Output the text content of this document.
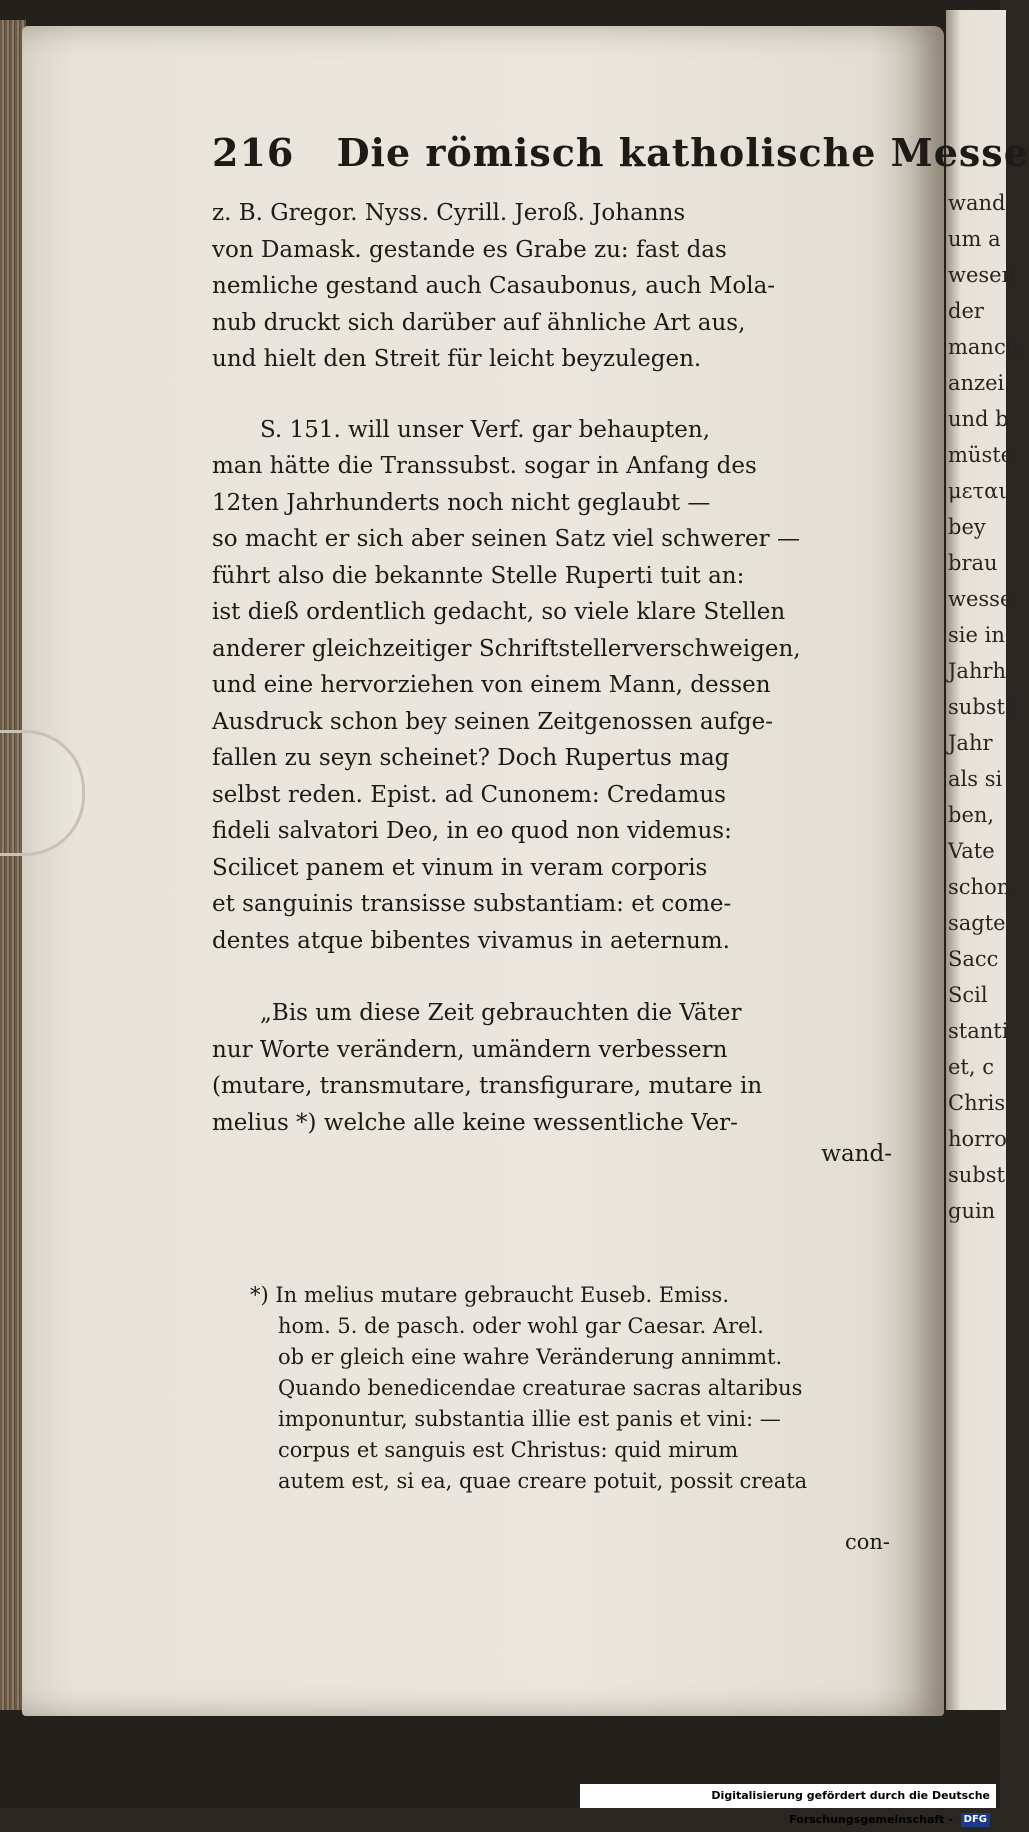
216 Die römisch katholische Messe

z. B. Gregor. Nyss. Cyrill. Jeroß. Johanns
von Damask. gestande es Grabe zu: fast das
nemliche gestand auch Casaubonus, auch Mola-
nub druckt sich darüber auf ähnliche Art aus,
und hielt den Streit für leicht beyzulegen.

S. 151. will unser Verf. gar behaupten,
man hätte die Transsubst. sogar in Anfang des
12ten Jahrhunderts noch nicht geglaubt —
so macht er sich aber seinen Satz viel schwerer —
führt also die bekannte Stelle Ruperti tuit an:
ist dieß ordentlich gedacht, so viele klare Stellen
anderer gleichzeitiger Schriftstellerverschweigen,
und eine hervorziehen von einem Mann, dessen
Ausdruck schon bey seinen Zeitgenossen aufge-
fallen zu seyn scheinet? Doch Rupertus mag
selbst reden. Epist. ad Cunonem: Credamus
fideli salvatori Deo, in eo quod non videmus:
Scilicet panem et vinum in veram corporis
et sanguinis transisse substantiam: et come-
dentes atque bibentes vivamus in aeternum.

„Bis um diese Zeit gebrauchten die Väter
nur Worte verändern, umändern verbessern
(mutare, transmutare, transfigurare, mutare in
melius *) welche alle keine wessentliche Ver-

wand-
*) In melius mutare gebraucht Euseb. Emiss.
hom. 5. de pasch. oder wohl gar Caesar. Arel.
ob er gleich eine wahre Veränderung annimmt.
Quando benedicendae creaturae sacras altaribus
imponuntur, substantia illie est panis et vini: —
corpus et sanguis est Christus: quid mirum
autem est, si ea, quae creare potuit, possit creata
con-
wand
um a
wesen
der
manch
anzei
und b
müste
μεται
bey
brau
wesse
sie in
Jahrh
substa
Jahr
als si
ben,
Vate
schon
sagte
Sacc
Scil
stanti
et, c
Chris
horro
subst
guin
Digitalisierung gefördert durch die Deutsche Forschungsgemeinschaft - DFG
